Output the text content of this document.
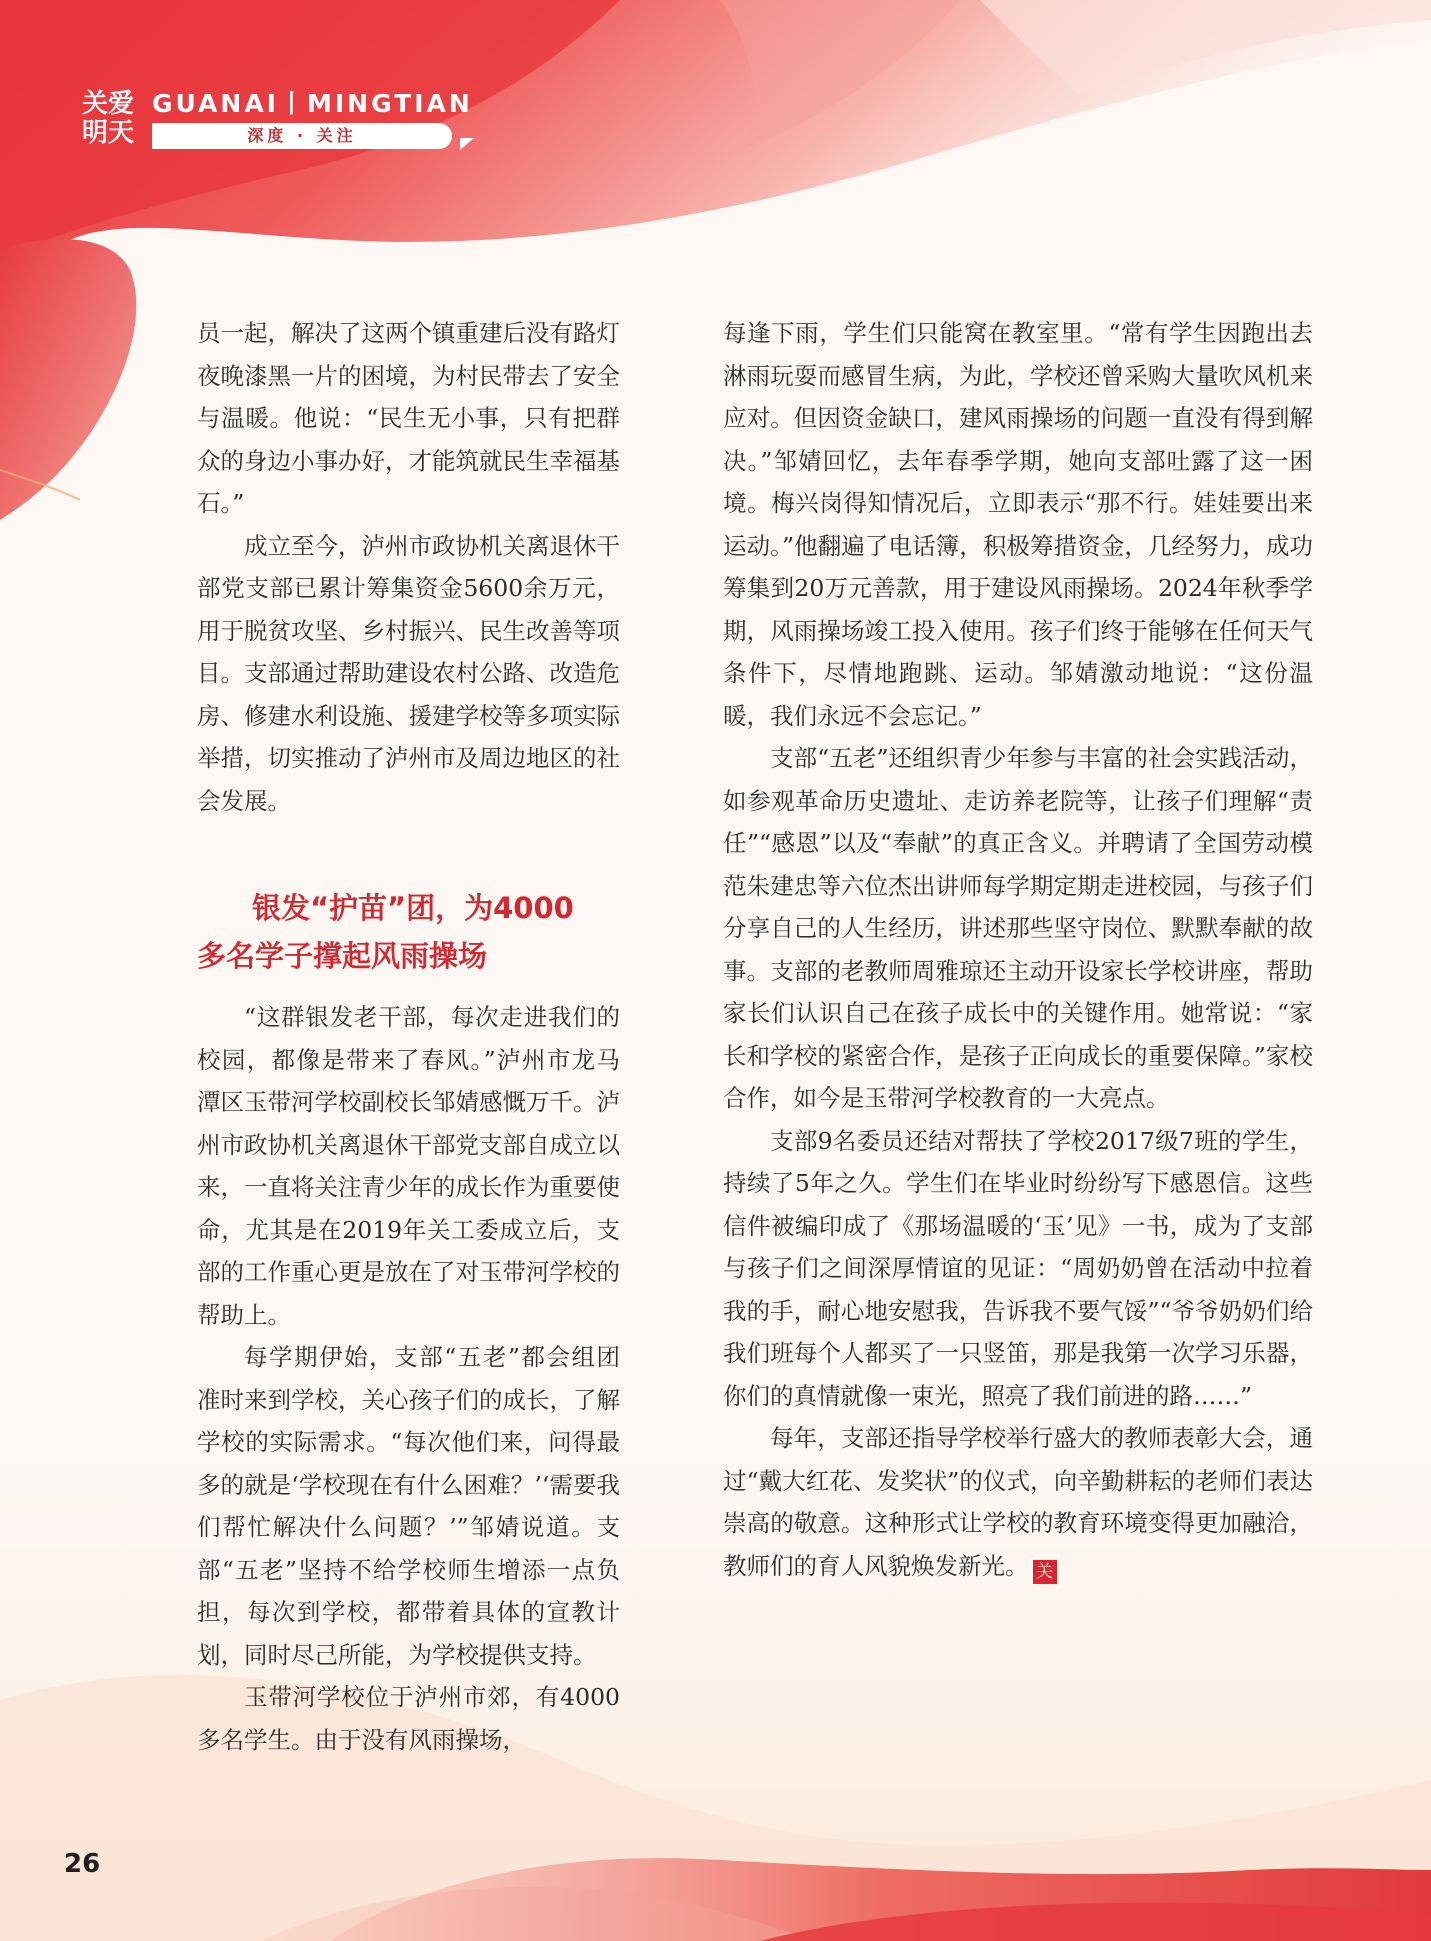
关爱
明天
GUANAI丨MINGTIAN
深度 · 关注

员一起，解决了这两个镇重建后没有路灯夜晚漆黑一片的困境，为村民带去了安全与温暖。他说：“民生无小事，只有把群众的身边小事办好，才能筑就民生幸福基石。”

成立至今，泸州市政协机关离退休干部党支部已累计筹集资金5600余万元，用于脱贫攻坚、乡村振兴、民生改善等项目。支部通过帮助建设农村公路、改造危房、修建水利设施、援建学校等多项实际举措，切实推动了泸州市及周边地区的社会发展。

银发“护苗”团，为4000
多名学子撑起风雨操场

“这群银发老干部，每次走进我们的校园，都像是带来了春风。”泸州市龙马潭区玉带河学校副校长邹婧感慨万千。泸州市政协机关离退休干部党支部自成立以来，一直将关注青少年的成长作为重要使命，尤其是在2019年关工委成立后，支部的工作重心更是放在了对玉带河学校的帮助上。

每学期伊始，支部“五老”都会组团准时来到学校，关心孩子们的成长，了解学校的实际需求。“每次他们来，问得最多的就是‘学校现在有什么困难？’‘需要我们帮忙解决什么问题？’”邹婧说道。支部“五老”坚持不给学校师生增添一点负担，每次到学校，都带着具体的宣教计划，同时尽己所能，为学校提供支持。

玉带河学校位于泸州市郊，有4000多名学生。由于没有风雨操场，

每逢下雨，学生们只能窝在教室里。“常有学生因跑出去淋雨玩耍而感冒生病，为此，学校还曾采购大量吹风机来应对。但因资金缺口，建风雨操场的问题一直没有得到解决。”邹婧回忆，去年春季学期，她向支部吐露了这一困境。梅兴岗得知情况后，立即表示“那不行。娃娃要出来运动。”他翻遍了电话簿，积极筹措资金，几经努力，成功筹集到20万元善款，用于建设风雨操场。2024年秋季学期，风雨操场竣工投入使用。孩子们终于能够在任何天气条件下，尽情地跑跳、运动。邹婧激动地说：“这份温暖，我们永远不会忘记。”

支部“五老”还组织青少年参与丰富的社会实践活动，如参观革命历史遗址、走访养老院等，让孩子们理解“责任”“感恩”以及“奉献”的真正含义。并聘请了全国劳动模范朱建忠等六位杰出讲师每学期定期走进校园，与孩子们分享自己的人生经历，讲述那些坚守岗位、默默奉献的故事。支部的老教师周雅琼还主动开设家长学校讲座，帮助家长们认识自己在孩子成长中的关键作用。她常说：“家长和学校的紧密合作，是孩子正向成长的重要保障。”家校合作，如今是玉带河学校教育的一大亮点。

支部9名委员还结对帮扶了学校2017级7班的学生，持续了5年之久。学生们在毕业时纷纷写下感恩信。这些信件被编印成了《那场温暖的‘玉’见》一书，成为了支部与孩子们之间深厚情谊的见证：“周奶奶曾在活动中拉着我的手，耐心地安慰我，告诉我不要气馁”“爷爷奶奶们给我们班每个人都买了一只竖笛，那是我第一次学习乐器，你们的真情就像一束光，照亮了我们前进的路……”

每年，支部还指导学校举行盛大的教师表彰大会，通过“戴大红花、发奖状”的仪式，向辛勤耕耘的老师们表达崇高的敬意。这种形式让学校的教育环境变得更加融洽，教师们的育人风貌焕发新光。 关

26
